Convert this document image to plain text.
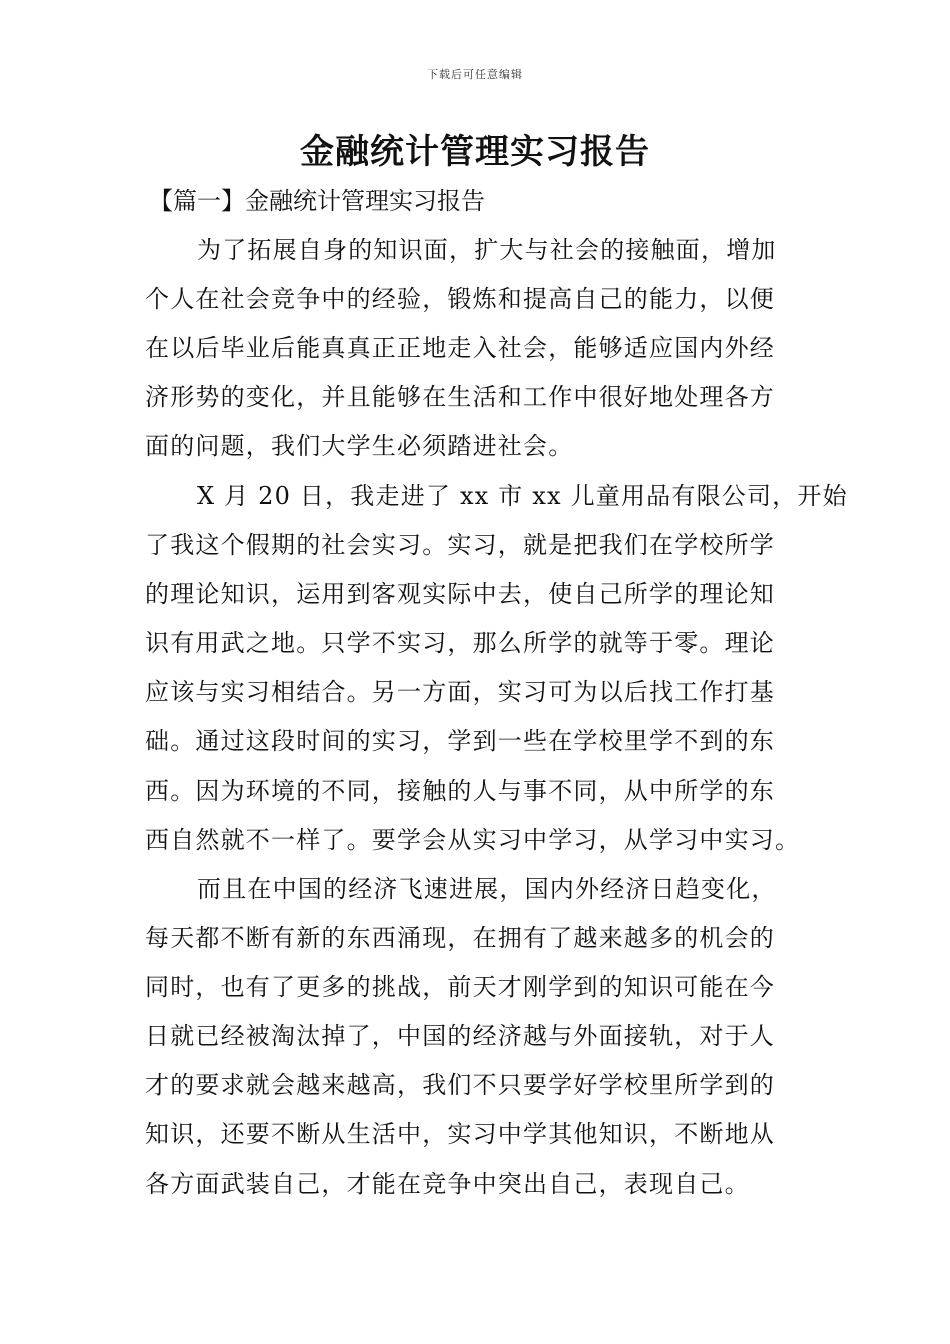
下载后可任意编辑
金融统计管理实习报告
【篇一】金融统计管理实习报告
为了拓展自身的知识面，扩大与社会的接触面，增加
个人在社会竞争中的经验，锻炼和提高自己的能力，以便
在以后毕业后能真真正正地走入社会，能够适应国内外经
济形势的变化，并且能够在生活和工作中很好地处理各方
面的问题，我们大学生必须踏进社会。
X 月 20 日，我走进了 xx 市 xx 儿童用品有限公司，开始
了我这个假期的社会实习。实习，就是把我们在学校所学
的理论知识，运用到客观实际中去，使自己所学的理论知
识有用武之地。只学不实习，那么所学的就等于零。理论
应该与实习相结合。另一方面，实习可为以后找工作打基
础。通过这段时间的实习，学到一些在学校里学不到的东
西。因为环境的不同，接触的人与事不同，从中所学的东
西自然就不一样了。要学会从实习中学习，从学习中实习。
而且在中国的经济飞速进展，国内外经济日趋变化，
每天都不断有新的东西涌现，在拥有了越来越多的机会的
同时，也有了更多的挑战，前天才刚学到的知识可能在今
日就已经被淘汰掉了，中国的经济越与外面接轨，对于人
才的要求就会越来越高，我们不只要学好学校里所学到的
知识，还要不断从生活中，实习中学其他知识，不断地从
各方面武装自己，才能在竞争中突出自己，表现自己。
